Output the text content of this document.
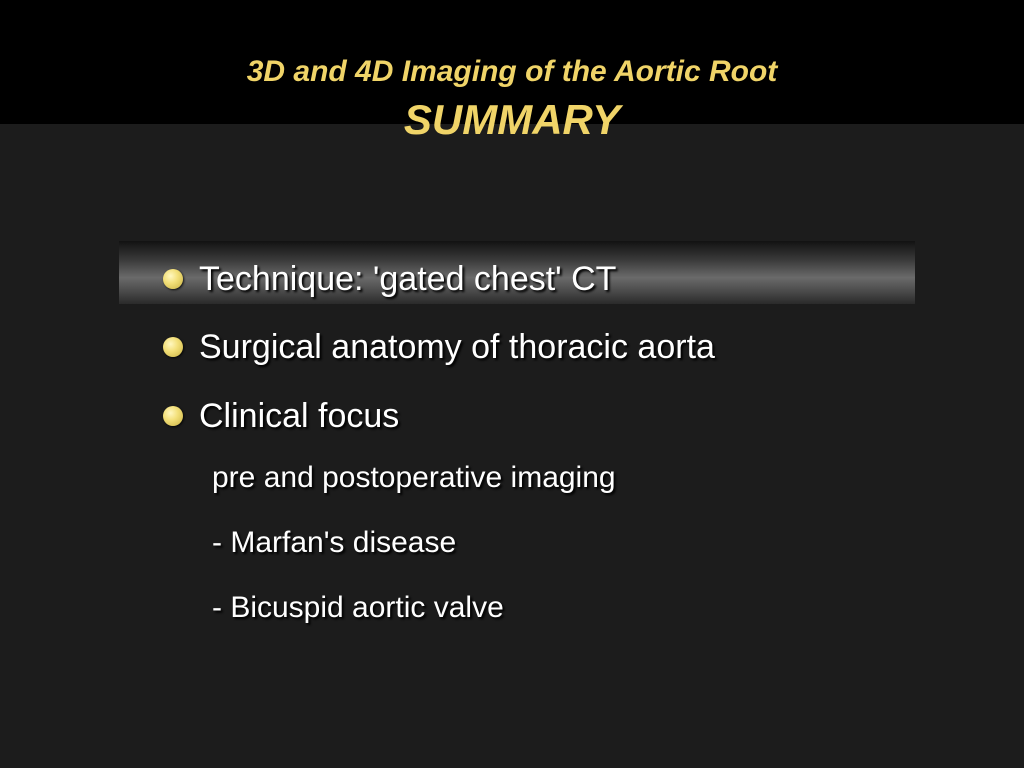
3D and 4D Imaging of the Aortic Root
SUMMARY
Technique: 'gated chest' CT
Surgical anatomy of thoracic aorta
Clinical focus
pre and postoperative imaging
- Marfan's disease
- Bicuspid aortic valve
